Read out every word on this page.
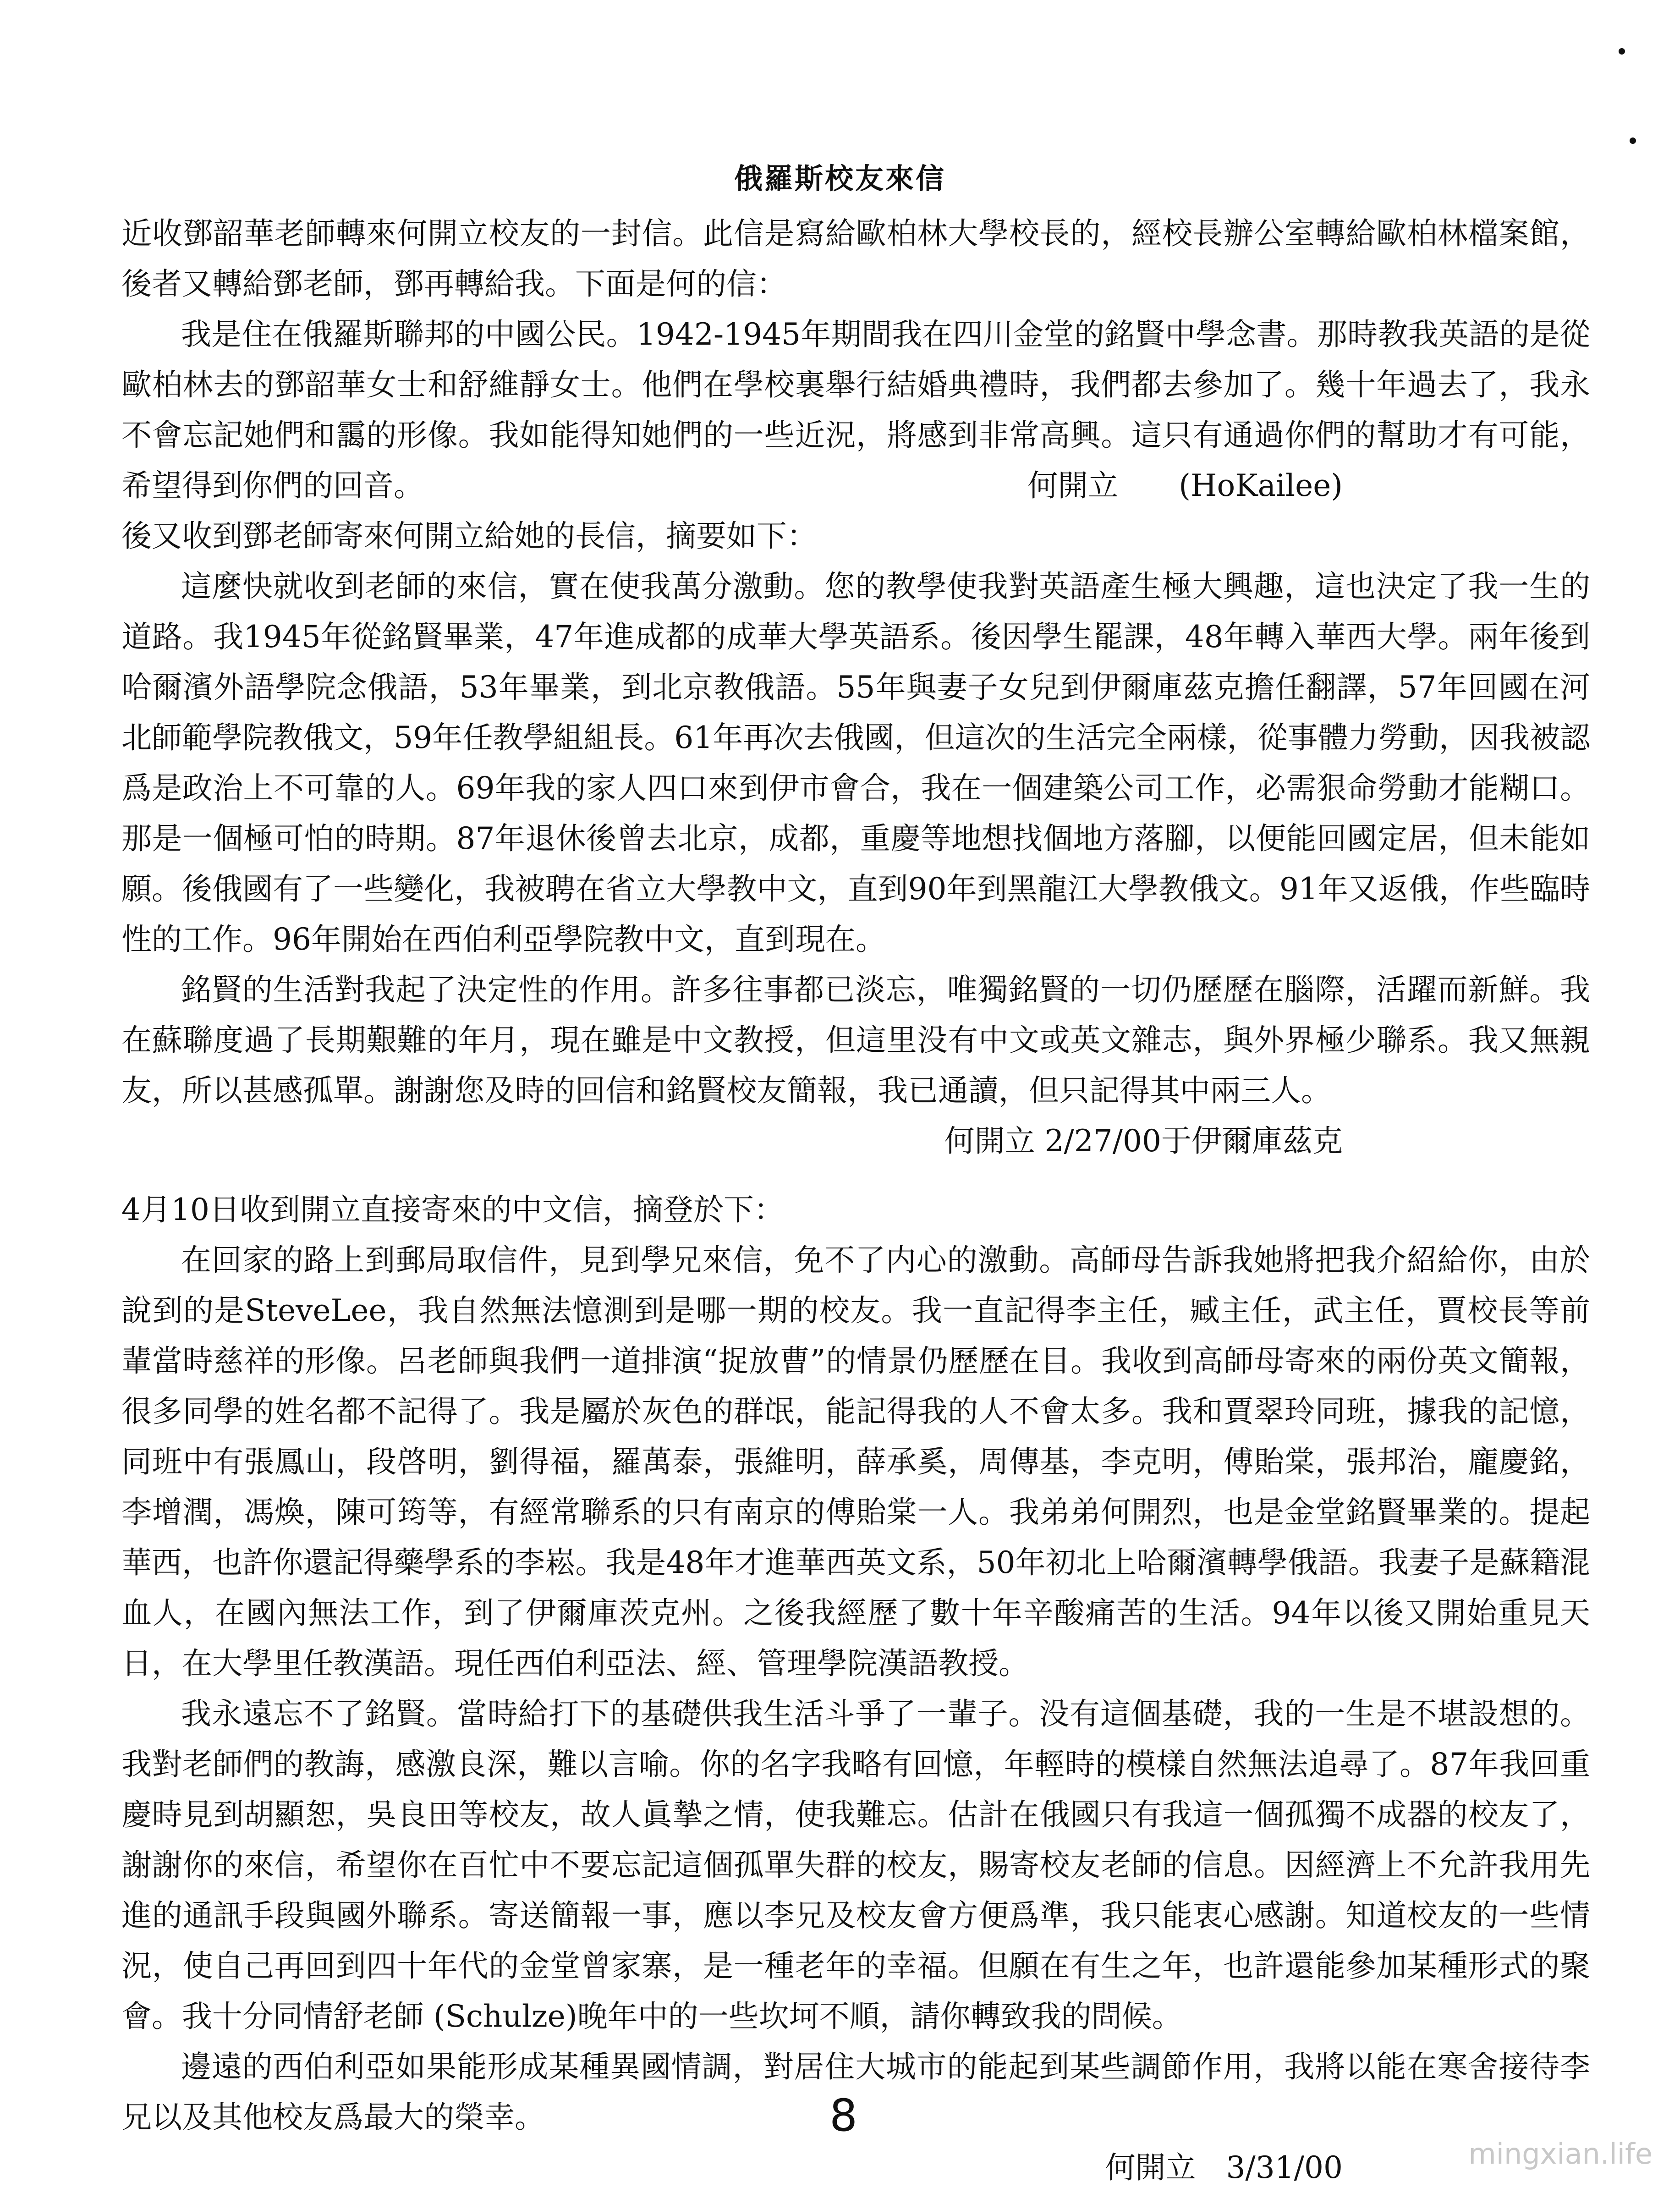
俄羅斯校友來信

近收鄧韶華老師轉來何開立校友的一封信。此信是寫給歐柏林大學校長的，經校長辦公室轉給歐柏林檔案館，後者又轉給鄧老師，鄧再轉給我。下面是何的信：

我是住在俄羅斯聯邦的中國公民。1942-1945年期間我在四川金堂的銘賢中學念書。那時教我英語的是從歐柏林去的鄧韶華女士和舒維靜女士。他們在學校裏舉行結婚典禮時，我們都去參加了。幾十年過去了，我永不會忘記她們和靄的形像。我如能得知她們的一些近況，將感到非常高興。這只有通過你們的幫助才有可能，希望得到你們的回音。	何開立　　(HoKailee)

後又收到鄧老師寄來何開立給她的長信，摘要如下：

這麼快就收到老師的來信，實在使我萬分激動。您的教學使我對英語產生極大興趣，這也決定了我一生的道路。我1945年從銘賢畢業，47年進成都的成華大學英語系。後因學生罷課，48年轉入華西大學。兩年後到哈爾濱外語學院念俄語，53年畢業，到北京教俄語。55年與妻子女兒到伊爾庫茲克擔任翻譯，57年回國在河北師範學院教俄文，59年任教學組組長。61年再次去俄國，但這次的生活完全兩樣，從事體力勞動，因我被認爲是政治上不可靠的人。69年我的家人四口來到伊市會合，我在一個建築公司工作，必需狠命勞動才能糊口。那是一個極可怕的時期。87年退休後曾去北京，成都，重慶等地想找個地方落腳，以便能回國定居，但未能如願。後俄國有了一些變化，我被聘在省立大學教中文，直到90年到黑龍江大學教俄文。91年又返俄，作些臨時性的工作。96年開始在西伯利亞學院教中文，直到現在。

銘賢的生活對我起了決定性的作用。許多往事都已淡忘，唯獨銘賢的一切仍歷歷在腦際，活躍而新鮮。我在蘇聯度過了長期艱難的年月，現在雖是中文教授，但這里没有中文或英文雜志，與外界極少聯系。我又無親友，所以甚感孤單。謝謝您及時的回信和銘賢校友簡報，我已通讀，但只記得其中兩三人。

何開立 2/27/00于伊爾庫茲克

4月10日收到開立直接寄來的中文信，摘登於下：

在回家的路上到郵局取信件，見到學兄來信，免不了内心的激動。高師母告訴我她將把我介紹給你，由於說到的是SteveLee，我自然無法憶測到是哪一期的校友。我一直記得李主任，臧主任，武主任，賈校長等前輩當時慈祥的形像。呂老師與我們一道排演“捉放曹”的情景仍歷歷在目。我收到高師母寄來的兩份英文簡報，很多同學的姓名都不記得了。我是屬於灰色的群氓，能記得我的人不會太多。我和賈翠玲同班，據我的記憶，同班中有張鳳山，段啓明，劉得福，羅萬泰，張維明，薛承奚，周傳基，李克明，傅貽棠，張邦治，龐慶銘，李增潤，馮煥，陳可筠等，有經常聯系的只有南京的傅貽棠一人。我弟弟何開烈，也是金堂銘賢畢業的。提起華西，也許你還記得藥學系的李崧。我是48年才進華西英文系，50年初北上哈爾濱轉學俄語。我妻子是蘇籍混血人，在國內無法工作，到了伊爾庫茨克州。之後我經歷了數十年辛酸痛苦的生活。94年以後又開始重見天日，在大學里任教漢語。現任西伯利亞法、經、管理學院漢語教授。

我永遠忘不了銘賢。當時給打下的基礎供我生活斗爭了一輩子。没有這個基礎，我的一生是不堪設想的。我對老師們的教誨，感激良深，難以言喻。你的名字我略有回憶，年輕時的模樣自然無法追尋了。87年我回重慶時見到胡顯恕，吳良田等校友，故人眞摯之情，使我難忘。估計在俄國只有我這一個孤獨不成器的校友了，謝謝你的來信，希望你在百忙中不要忘記這個孤單失群的校友，賜寄校友老師的信息。因經濟上不允許我用先進的通訊手段與國外聯系。寄送簡報一事，應以李兄及校友會方便爲準，我只能衷心感謝。知道校友的一些情況，使自己再回到四十年代的金堂曾家寨，是一種老年的幸福。但願在有生之年，也許還能參加某種形式的聚會。我十分同情舒老師 (Schulze)晚年中的一些坎坷不順，請你轉致我的問候。

邊遠的西伯利亞如果能形成某種異國情調，對居住大城市的能起到某些調節作用，我將以能在寒舍接待李兄以及其他校友爲最大的榮幸。

何開立　3/31/00

8
mingxian.life
